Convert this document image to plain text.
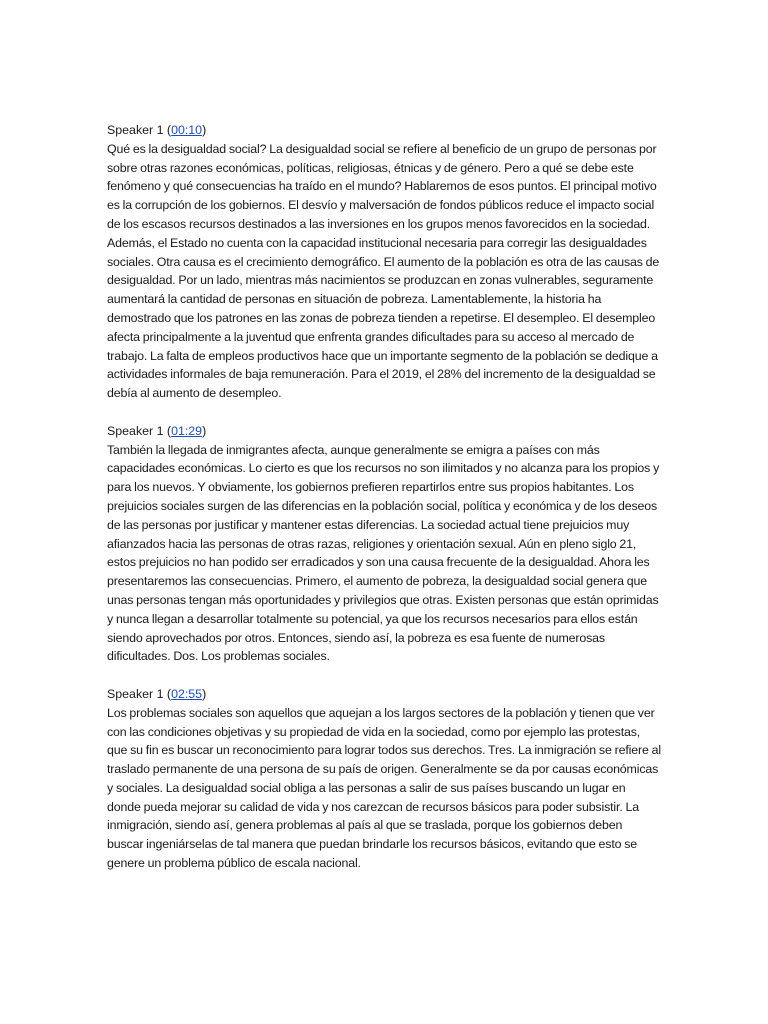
Speaker 1 (00:10)

Qué es la desigualdad social? La desigualdad social se refiere al beneficio de un grupo de personas por sobre otras razones económicas, políticas, religiosas, étnicas y de género. Pero a qué se debe este fenómeno y qué consecuencias ha traído en el mundo? Hablaremos de esos puntos. El principal motivo es la corrupción de los gobiernos. El desvío y malversación de fondos públicos reduce el impacto social de los escasos recursos destinados a las inversiones en los grupos menos favorecidos en la sociedad. Además, el Estado no cuenta con la capacidad institucional necesaria para corregir las desigualdades sociales. Otra causa es el crecimiento demográfico. El aumento de la población es otra de las causas de desigualdad. Por un lado, mientras más nacimientos se produzcan en zonas vulnerables, seguramente aumentará la cantidad de personas en situación de pobreza. Lamentablemente, la historia ha demostrado que los patrones en las zonas de pobreza tienden a repetirse. El desempleo. El desempleo afecta principalmente a la juventud que enfrenta grandes dificultades para su acceso al mercado de trabajo. La falta de empleos productivos hace que un importante segmento de la población se dedique a actividades informales de baja remuneración. Para el 2019, el 28% del incremento de la desigualdad se debía al aumento de desempleo.

Speaker 1 (01:29)

También la llegada de inmigrantes afecta, aunque generalmente se emigra a países con más capacidades económicas. Lo cierto es que los recursos no son ilimitados y no alcanza para los propios y para los nuevos. Y obviamente, los gobiernos prefieren repartirlos entre sus propios habitantes. Los prejuicios sociales surgen de las diferencias en la población social, política y económica y de los deseos de las personas por justificar y mantener estas diferencias. La sociedad actual tiene prejuicios muy afianzados hacia las personas de otras razas, religiones y orientación sexual. Aún en pleno siglo 21, estos prejuicios no han podido ser erradicados y son una causa frecuente de la desigualdad. Ahora les presentaremos las consecuencias. Primero, el aumento de pobreza, la desigualdad social genera que unas personas tengan más oportunidades y privilegios que otras. Existen personas que están oprimidas y nunca llegan a desarrollar totalmente su potencial, ya que los recursos necesarios para ellos están siendo aprovechados por otros. Entonces, siendo así, la pobreza es esa fuente de numerosas dificultades. Dos. Los problemas sociales.

Speaker 1 (02:55)

Los problemas sociales son aquellos que aquejan a los largos sectores de la población y tienen que ver con las condiciones objetivas y su propiedad de vida en la sociedad, como por ejemplo las protestas, que su fin es buscar un reconocimiento para lograr todos sus derechos. Tres. La inmigración se refiere al traslado permanente de una persona de su país de origen. Generalmente se da por causas económicas y sociales. La desigualdad social obliga a las personas a salir de sus países buscando un lugar en donde pueda mejorar su calidad de vida y nos carezcan de recursos básicos para poder subsistir. La inmigración, siendo así, genera problemas al país al que se traslada, porque los gobiernos deben buscar ingeniárselas de tal manera que puedan brindarle los recursos básicos, evitando que esto se genere un problema público de escala nacional.
